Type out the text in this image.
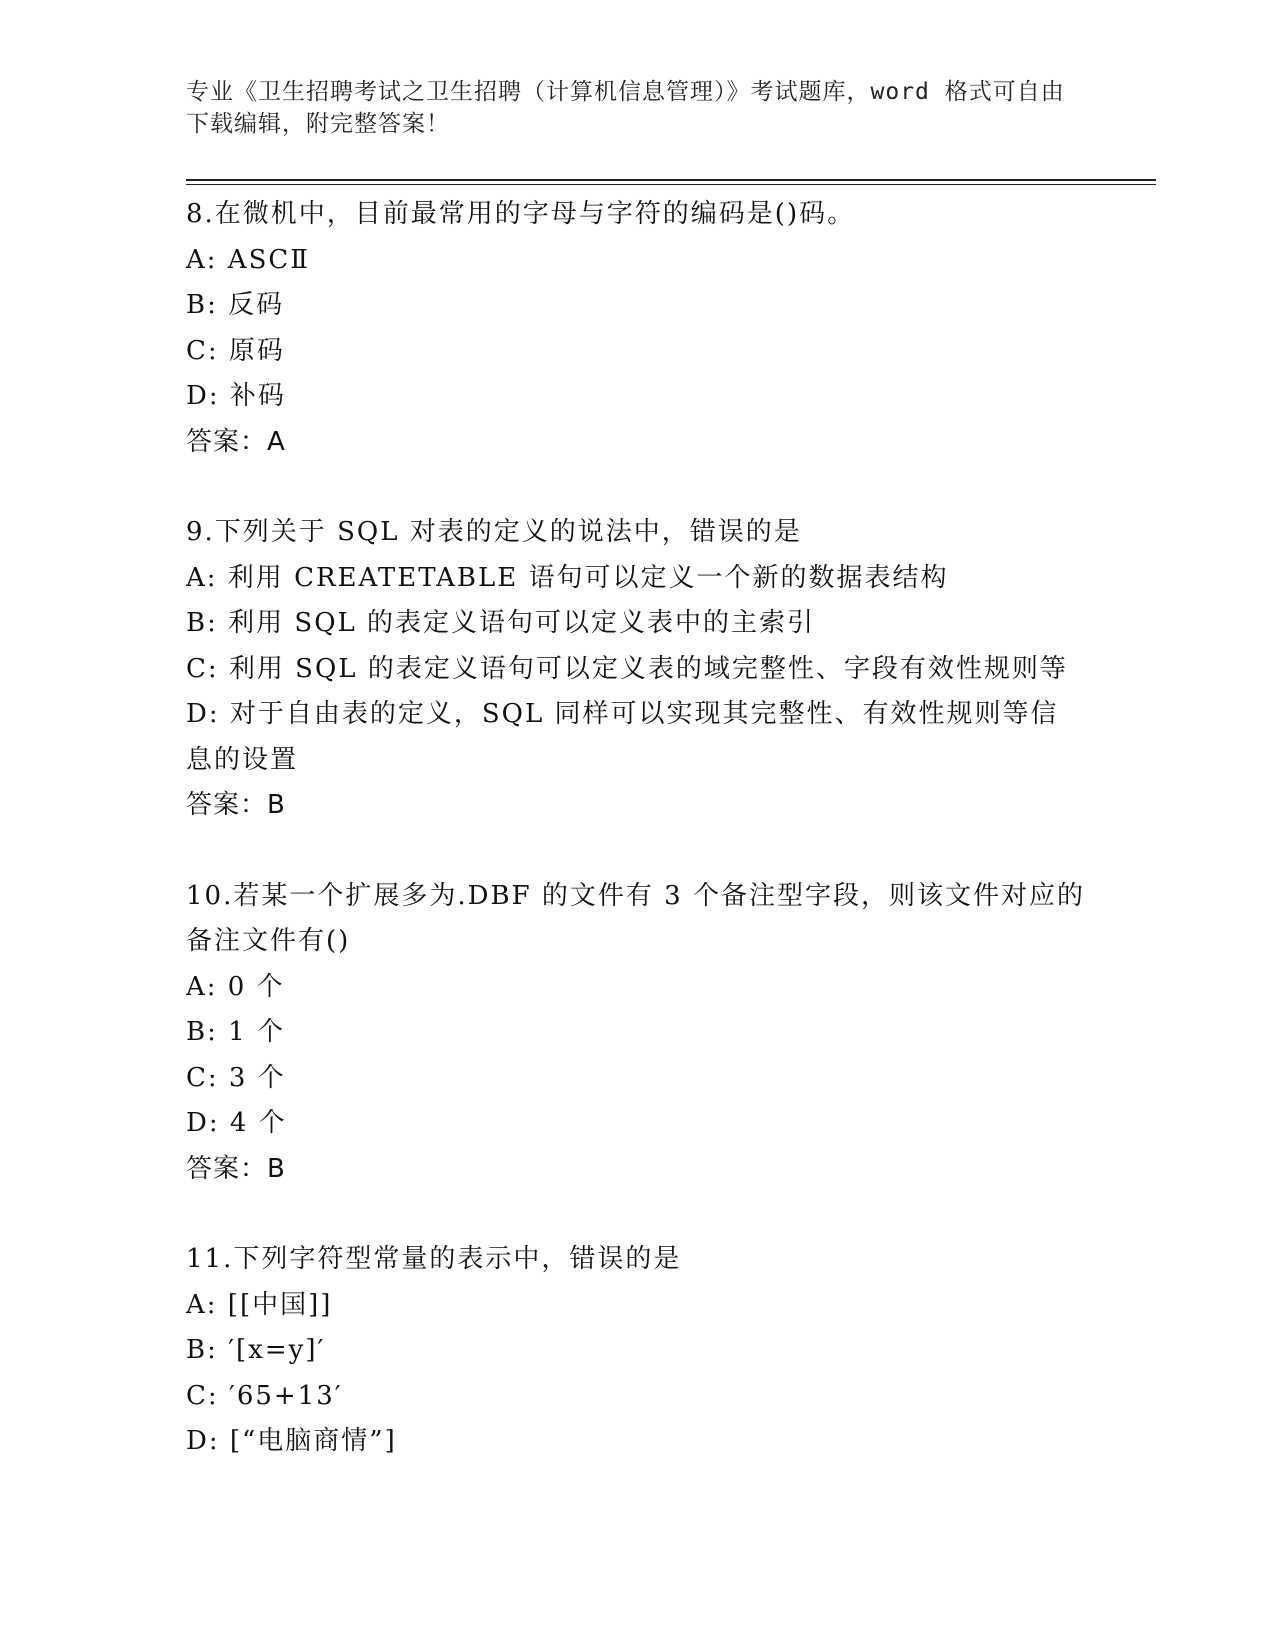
专业《卫生招聘考试之卫生招聘（计算机信息管理）》考试题库，word 格式可自由下载编辑，附完整答案！
8.在微机中，目前最常用的字母与字符的编码是()码。
A: ASCⅡ
B: 反码
C: 原码
D: 补码
答案：A
9.下列关于 SQL 对表的定义的说法中，错误的是
A: 利用 CREATETABLE 语句可以定义一个新的数据表结构
B: 利用 SQL 的表定义语句可以定义表中的主索引
C: 利用 SQL 的表定义语句可以定义表的域完整性、字段有效性规则等
D: 对于自由表的定义，SQL 同样可以实现其完整性、有效性规则等信息的设置
答案：B
10.若某一个扩展多为.DBF 的文件有 3 个备注型字段，则该文件对应的备注文件有()
A: 0 个
B: 1 个
C: 3 个
D: 4 个
答案：B
11.下列字符型常量的表示中，错误的是
A: [[中国]]
B: ′[x=y]′
C: ′65+13′
D: [“电脑商情”]
